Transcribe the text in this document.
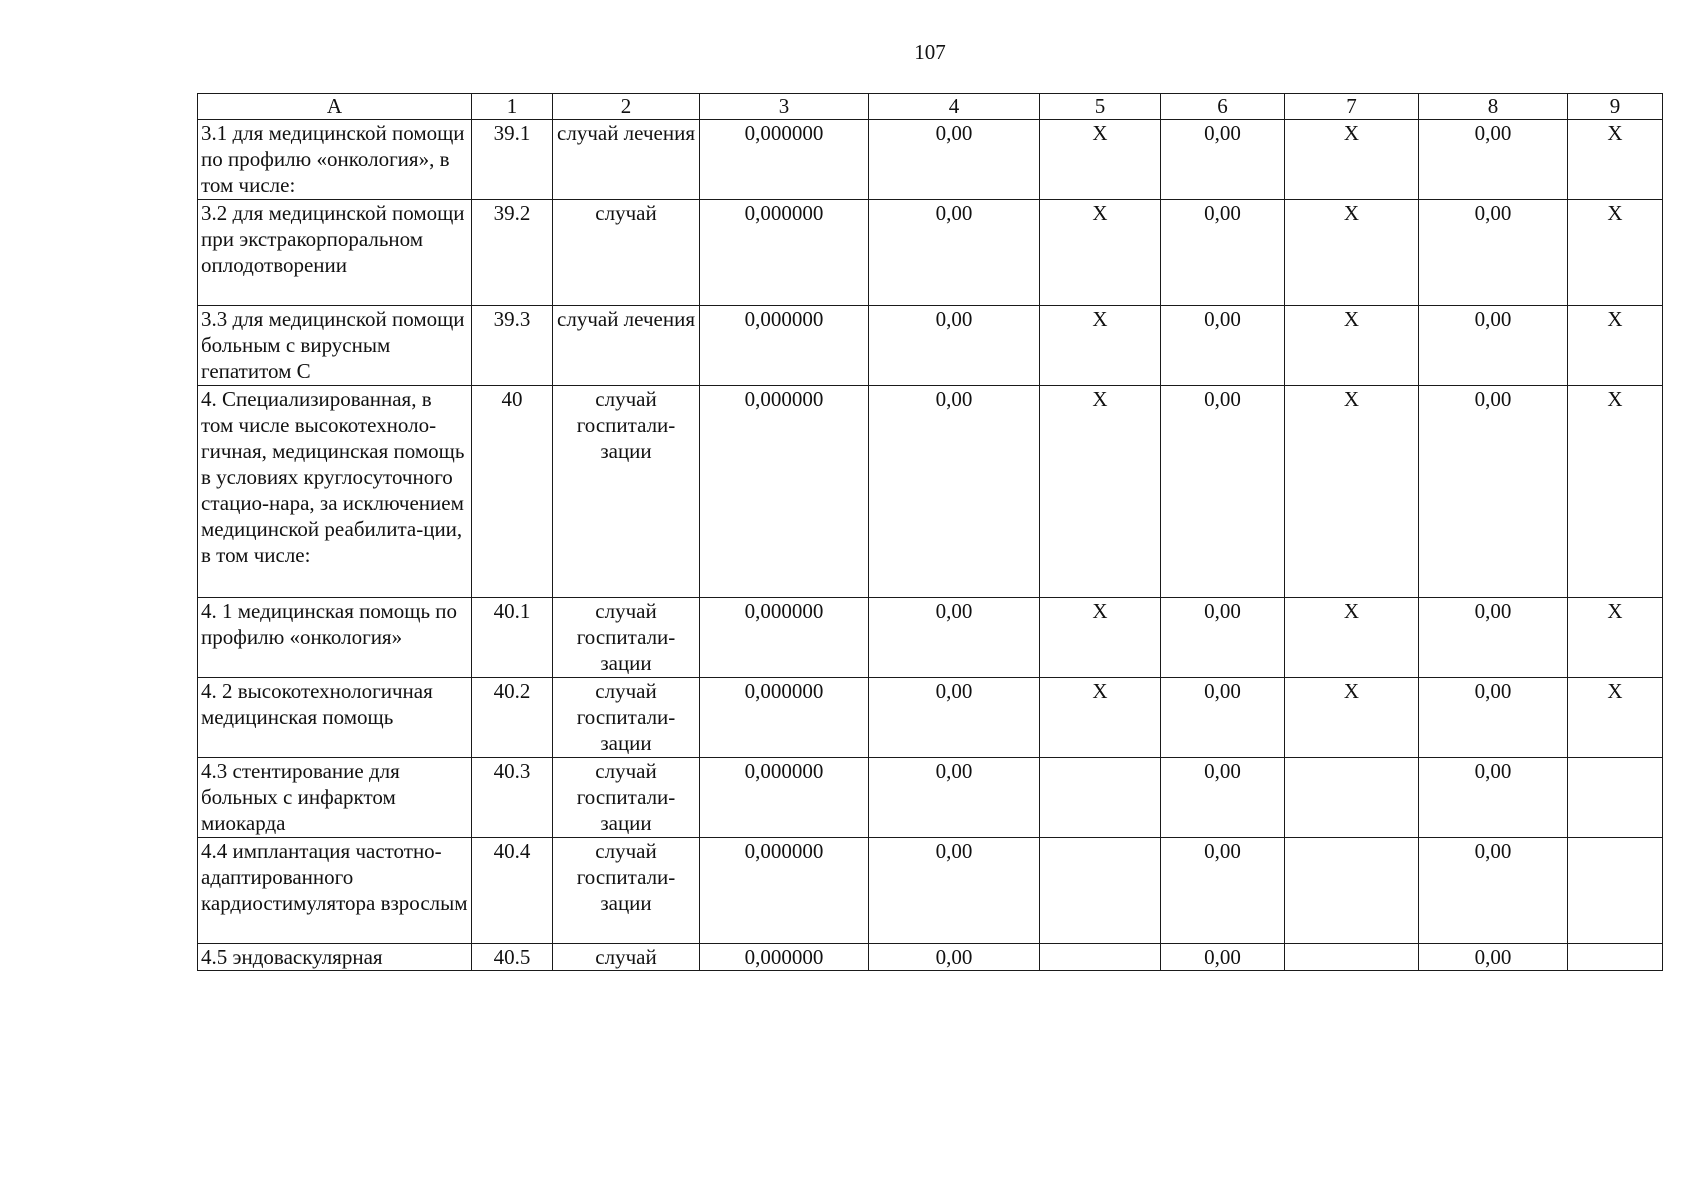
107
А	1	2	3	4	5	6	7	8	9
3.1 для медицинской помощи по профилю «онкология», в том числе:	39.1	случай лечения	0,000000	0,00	X	0,00	X	0,00	X
3.2 для медицинской помощи при экстракорпоральном оплодотворении	39.2	случай	0,000000	0,00	X	0,00	X	0,00	X
3.3 для медицинской помощи больным с вирусным гепатитом С	39.3	случай лечения	0,000000	0,00	X	0,00	X	0,00	X
4. Специализированная, в том числе высокотехноло-гичная, медицинская помощь в условиях круглосуточного стацио-нара, за исключением медицинской реабилита-ции, в том числе:	40	случай госпитали-зации	0,000000	0,00	X	0,00	X	0,00	X
4. 1 медицинская помощь по профилю «онкология»	40.1	случай госпитали-зации	0,000000	0,00	X	0,00	X	0,00	X
4. 2 высокотехнологичная медицинская помощь	40.2	случай госпитали-зации	0,000000	0,00	X	0,00	X	0,00	X
4.3 стентирование для больных с инфарктом миокарда	40.3	случай госпитали-зации	0,000000	0,00		0,00		0,00	
4.4 имплантация частотно-адаптированного кардиостимулятора взрослым	40.4	случай госпитали-зации	0,000000	0,00		0,00		0,00	
4.5 эндоваскулярная	40.5	случай	0,000000	0,00		0,00		0,00	
